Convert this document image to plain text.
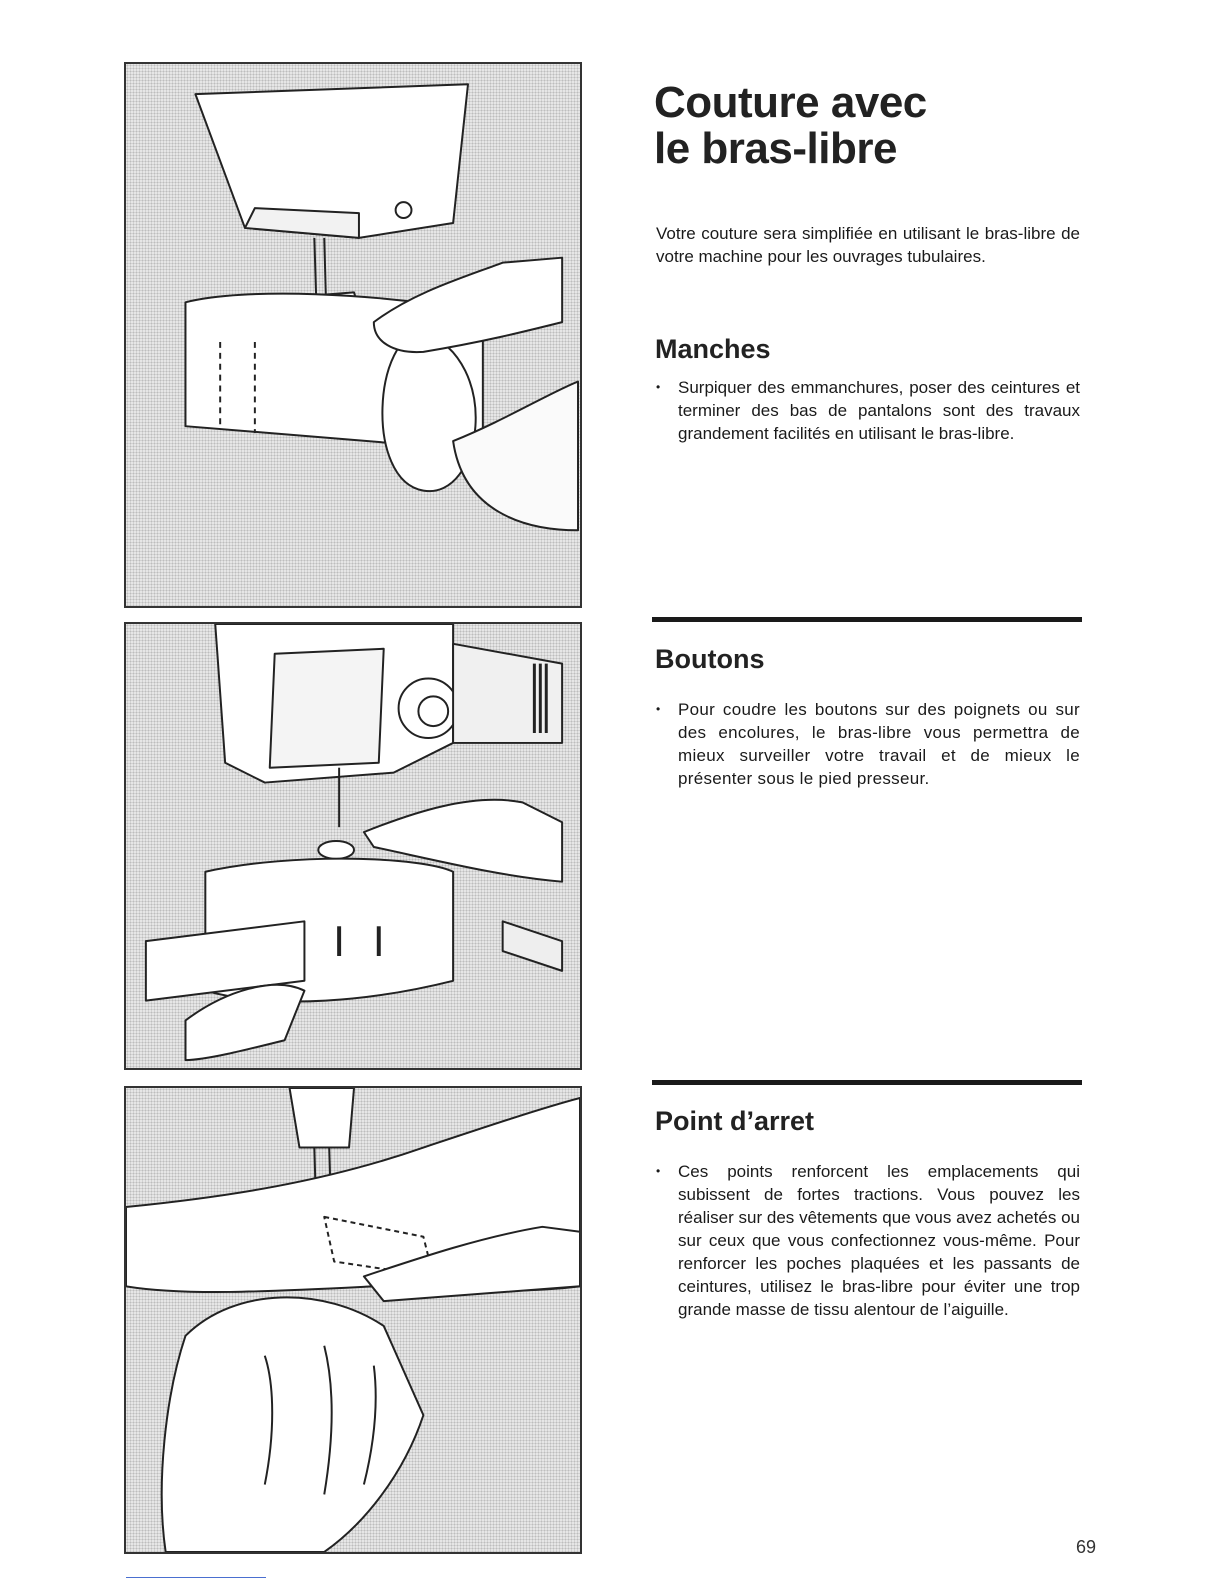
Couture avec
le bras-libre

Votre couture sera simplifiée en utilisant le bras-libre de votre machine pour les ouvrages tubulaires.

Manches

•	Surpiquer des emmanchures, poser des ceintures et terminer des bas de pantalons sont des travaux grandement facilités en utilisant le bras-libre.

Boutons

•	Pour coudre les boutons sur des poignets ou sur des encolures, le bras-libre vous permettra de mieux surveiller votre travail et de mieux le présenter sous le pied presseur.

Point d’arret

•	Ces points renforcent les emplacements qui subissent de fortes tractions. Vous pouvez les réaliser sur des vêtements que vous avez achetés ou sur ceux que vous confectionnez vous-même. Pour renforcer les poches plaquées et les passants de ceintures, utilisez le bras-libre pour éviter une trop grande masse de tissu alentour de l’aiguille.

69
